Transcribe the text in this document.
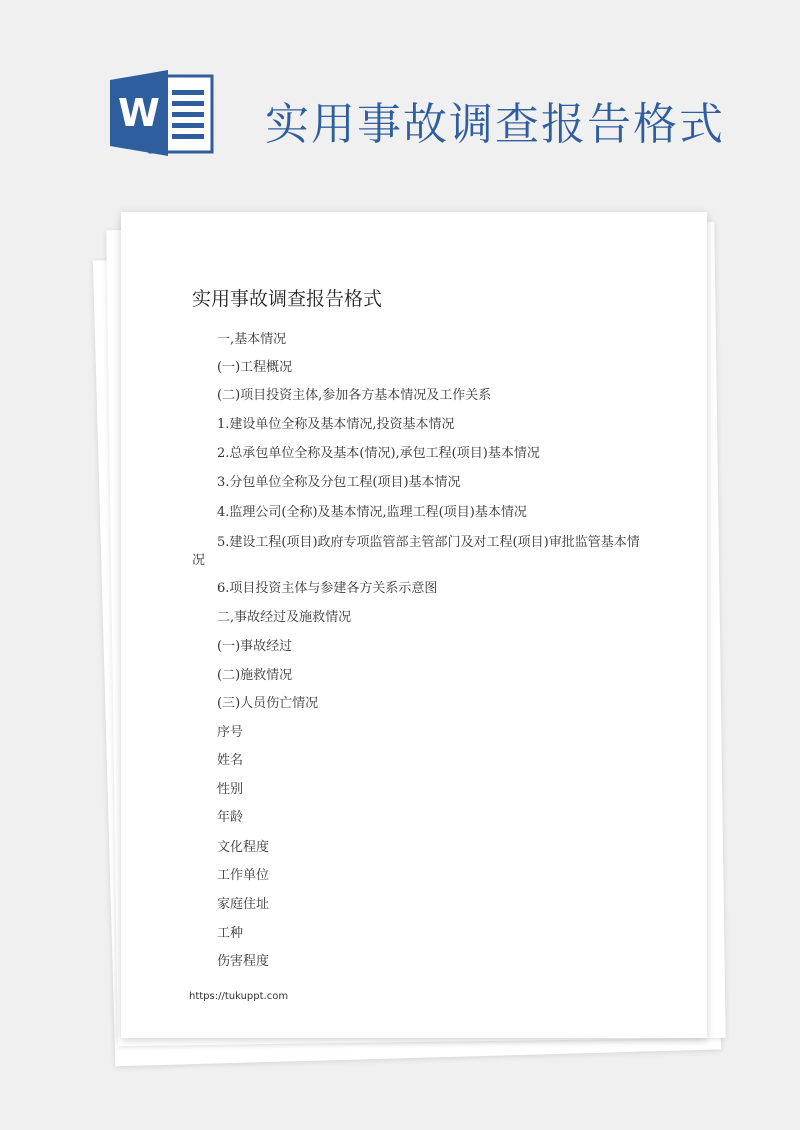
W 实用事故调查报告格式
实用事故调查报告格式
一,基本情况
(一)工程概况
(二)项目投资主体,参加各方基本情况及工作关系
1.建设单位全称及基本情况,投资基本情况
2.总承包单位全称及基本(情况),承包工程(项目)基本情况
3.分包单位全称及分包工程(项目)基本情况
4.监理公司(全称)及基本情况,监理工程(项目)基本情况
5.建设工程(项目)政府专项监管部主管部门及对工程(项目)审批监管基本情
况
6.项目投资主体与参建各方关系示意图
二,事故经过及施救情况
(一)事故经过
(二)施救情况
(三)人员伤亡情况
序号
姓名
性别
年龄
文化程度
工作单位
家庭住址
工种
伤害程度
https://tukuppt.com
